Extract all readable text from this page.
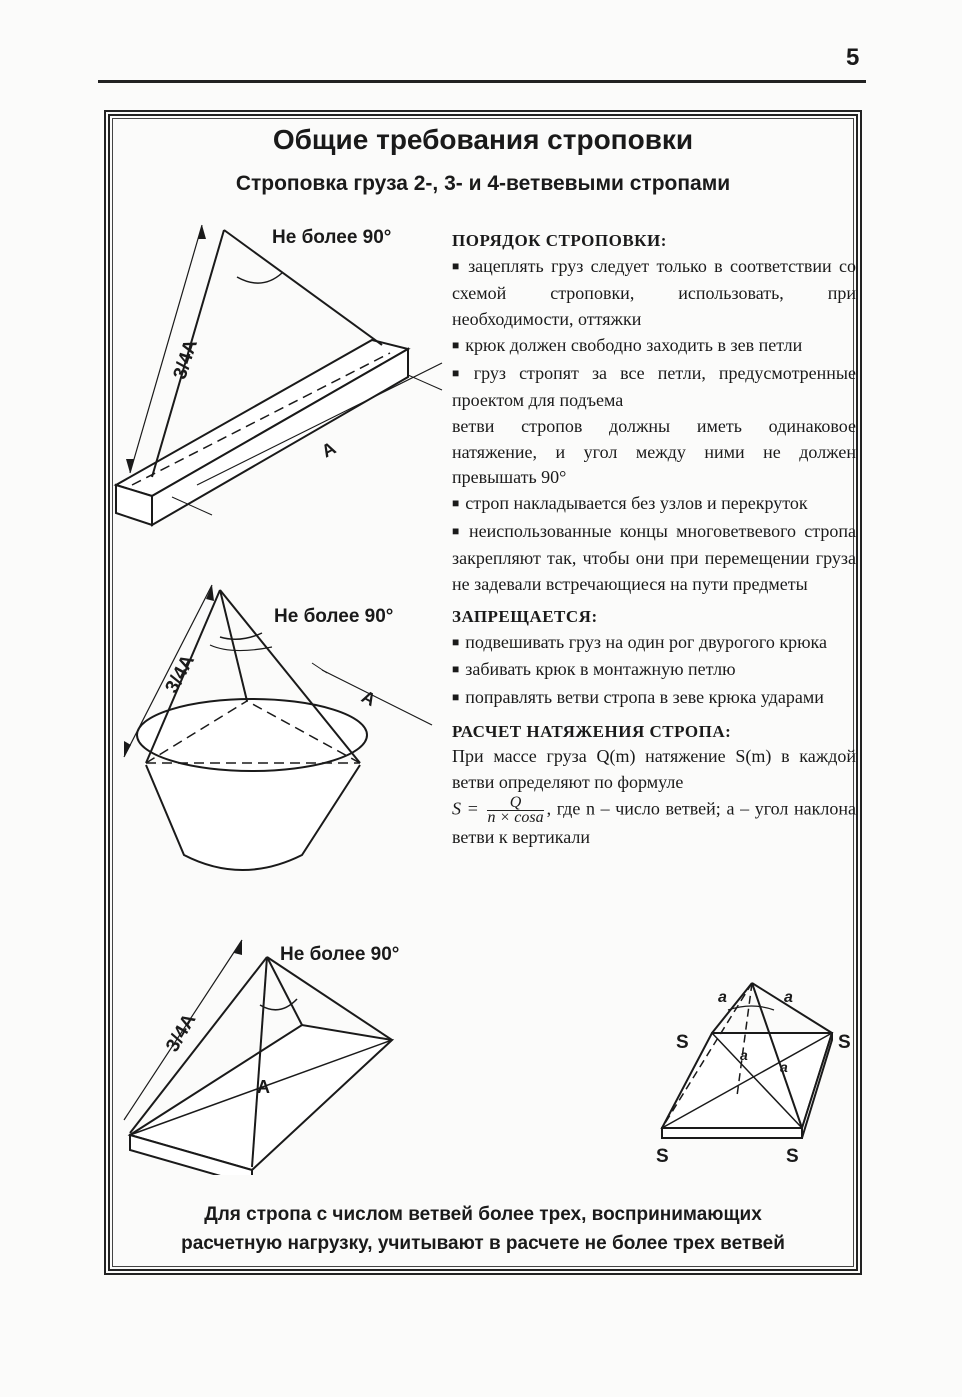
5
Общие требования строповки
Строповка груза 2-, 3- и 4-ветвевыми стропами
Не более 90°
3/4A
A
Не более 90°
3/4A
A
Не более 90°
3/4A
A
a	a
a
a
S	S
S	S
ПОРЯДОК СТРОПОВКИ:

■ зацеплять груз следует только в соответствии со схемой строповки, использовать, при необходимости, оттяжки

■ крюк должен свободно заходить в зев петли

■ груз стропят за все петли, предусмотренные проектом для подъема

ветви стропов должны иметь одинаковое натяжение, и угол между ними не должен превышать 90°

■ строп накладывается без узлов и перекруток

■ неиспользованные концы многоветвевого стропа закрепляют так, чтобы они при перемещении груза не задевали встречающиеся на пути предметы

ЗАПРЕЩАЕТСЯ:

■ подвешивать груз на один рог двурогого крюка

■ забивать крюк в монтажную петлю

■ поправлять ветви стропа в зеве крюка ударами

РАСЧЕТ НАТЯЖЕНИЯ СТРОПА:

При массе груза Q(m) натяжение S(m) в каждой ветви определяют по формуле

$S = \frac{Q}{n \times \cos a}$ , где n – число ветвей; a – угол наклона ветви к вертикали

Для стропа с числом ветвей более трех, воспринимающих
расчетную нагрузку, учитывают в расчете не более трех ветвей
